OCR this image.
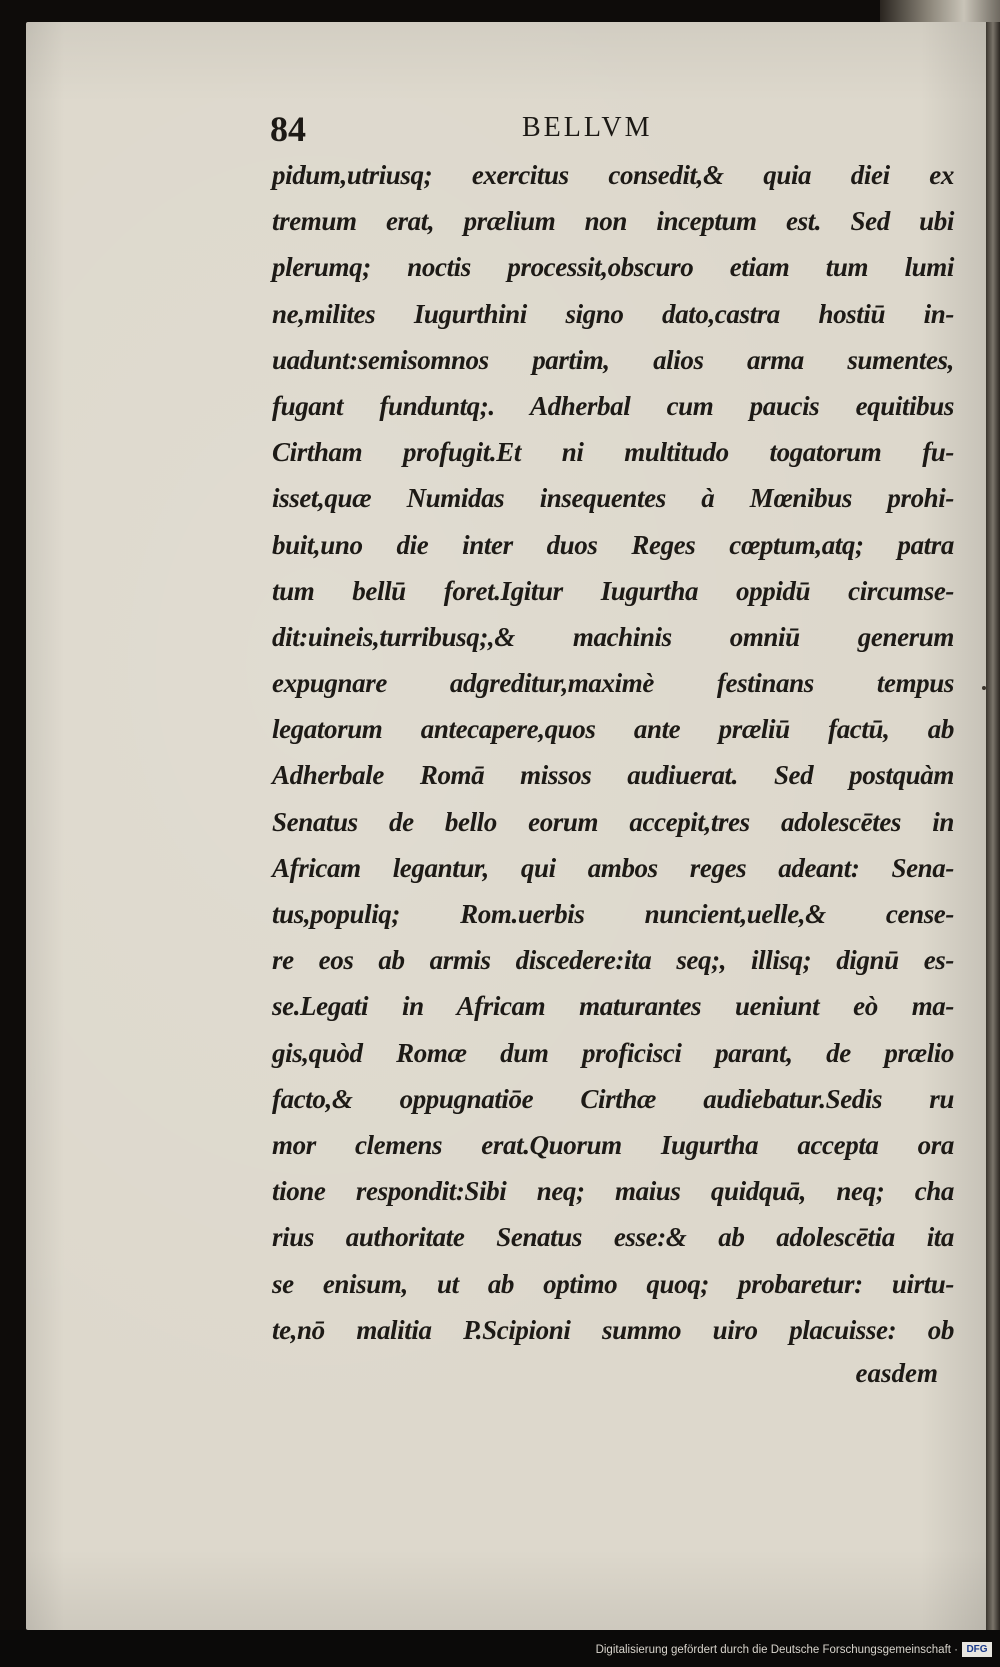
84	BELLVM
pidum,utriusq; exercitus consedit,& quia diei ex
tremum erat, prælium non inceptum est. Sed ubi
plerumq; noctis processit,obscuro etiam tum lumi
ne,milites Iugurthini signo dato,castra hostiū in-
uadunt:semisomnos partim, alios arma sumentes,
fugant funduntq;. Adherbal cum paucis equitibus
Cirtham profugit.Et ni multitudo togatorum fu-
isset,quæ Numidas insequentes à Mœnibus prohi-
buit,uno die inter duos Reges cœptum,atq; patra
tum bellū foret.Igitur Iugurtha oppidū circumse-
dit:uineis,turribusq;,& machinis omniū generum
expugnare adgreditur,maximè festinans tempus
legatorum antecapere,quos ante præliū factū, ab
Adherbale Romā missos audiuerat. Sed postquàm
Senatus de bello eorum accepit,tres adolescētes in
Africam legantur, qui ambos reges adeant: Sena-
tus,populiq; Rom.uerbis nuncient,uelle,& cense-
re eos ab armis discedere:ita seq;, illisq; dignū es-
se.Legati in Africam maturantes ueniunt eò ma-
gis,quòd Romæ dum proficisci parant, de prælio
facto,& oppugnatiōe Cirthæ audiebatur.Sedis ru
mor clemens erat.Quorum Iugurtha accepta ora
tione respondit:Sibi neq; maius quidquā, neq; cha
rius authoritate Senatus esse:& ab adolescētia ita
se enisum, ut ab optimo quoq; probaretur: uirtu-
te,nō malitia P.Scipioni summo uiro placuisse: ob
easdem
Digitalisierung gefördert durch die Deutsche Forschungsgemeinschaft · DFG
